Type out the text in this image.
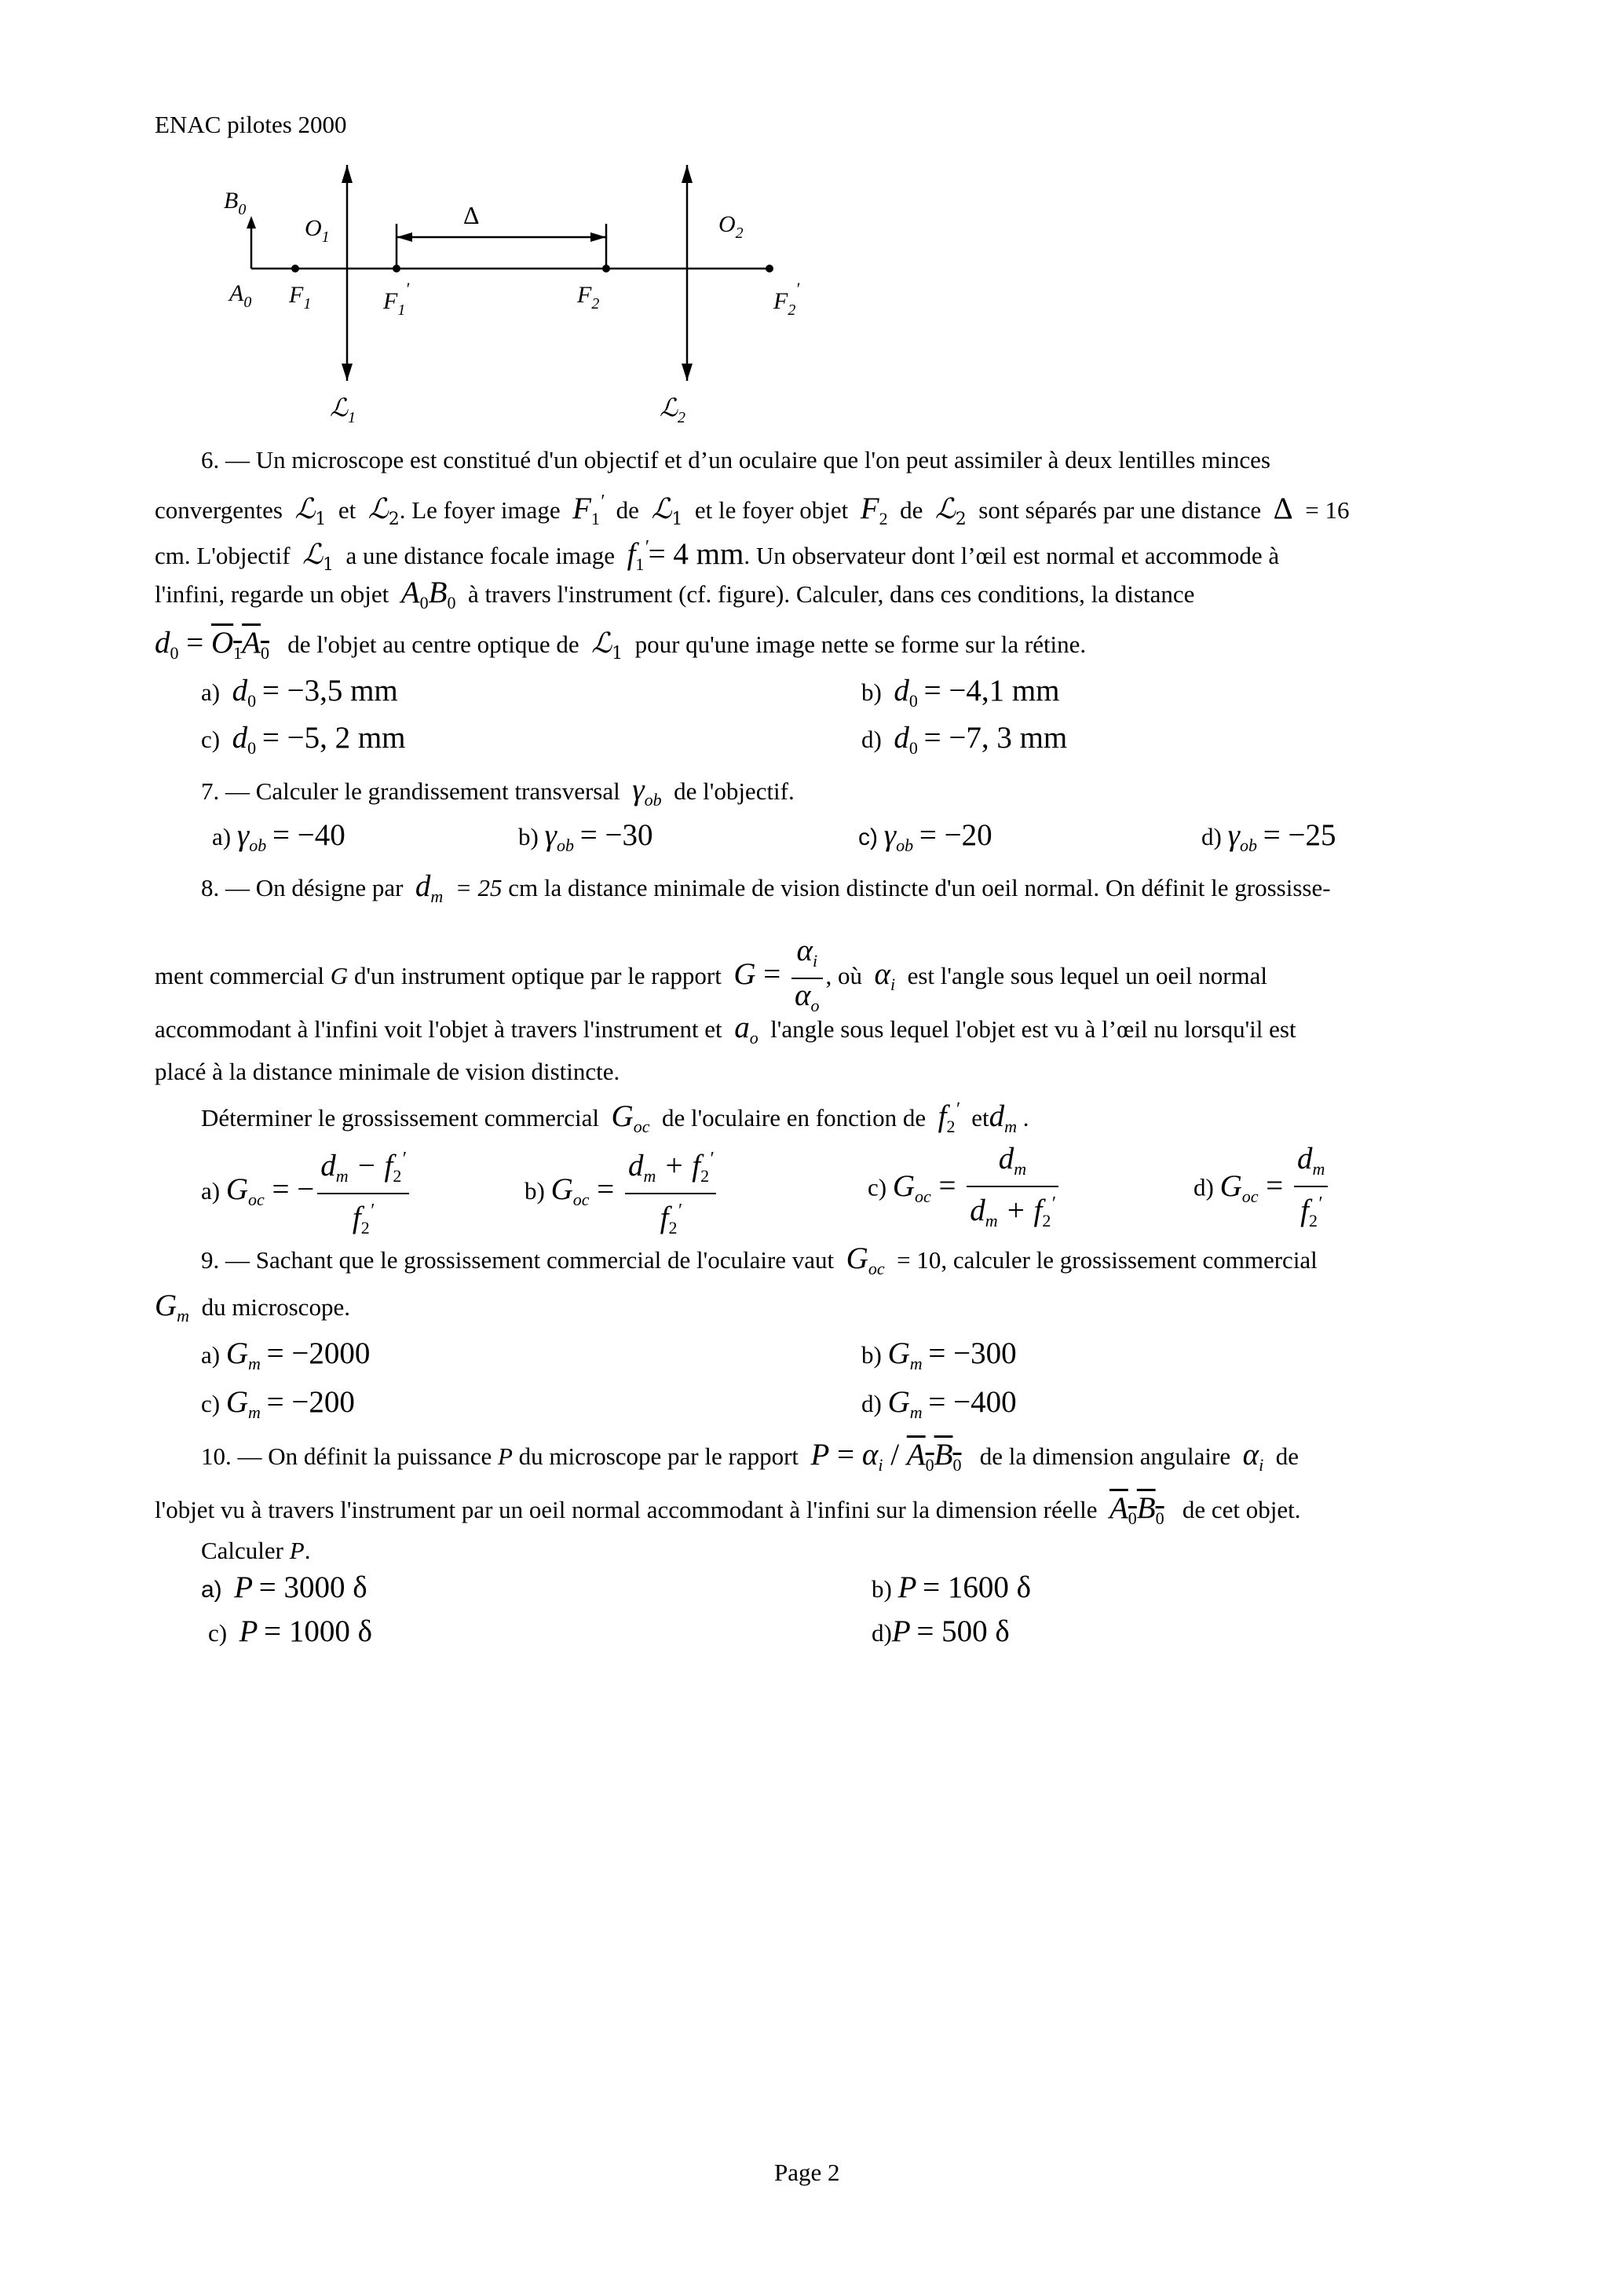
ENAC pilotes 2000
$B_0$
$A_0$
$O_1$	$O_2$
$F_1$	$F_1'$	$F_2$	$F_2'$
Δ
ℒ$_1$	ℒ$_2$
6. — Un microscope est constitué d'un objectif et d’un oculaire que l'on peut assimiler à deux lentilles minces
convergentes ℒ$_1$ et ℒ$_2$. Le foyer image $F_1'$ de ℒ$_1$ et le foyer objet $F_2$ de ℒ$_2$ sont séparés par une distance Δ = 16
cm. L'objectif ℒ$_1$ a une distance focale image $f_1'= 4$ mm. Un observateur dont l’œil est normal et accommode à
l'infini, regarde un objet $A_0B_0$ à travers l'instrument (cf. figure). Calculer, dans ces conditions, la distance
$d_0 = O_1A_0$ de l'objet au centre optique de ℒ$_1$ pour qu'une image nette se forme sur la rétine.
a) $d_0 = -3,5$ mm	b) $d_0 = -4,1$ mm
c) $d_0 = -5$, 2 mm	d) $d_0 = -7$, 3 mm
7. — Calculer le grandissement transversal $\gamma_{ob}$ de l'objectif.
a) $\gamma_{ob} = -40$	b) $\gamma_{ob} = -30$	c) $\gamma_{ob} = -20$	d) $\gamma_{ob} = -25$
8. — On désigne par $d_m = 25$ cm la distance minimale de vision distincte d'un oeil normal. On définit le grossisse-
ment commercial G d'un instrument optique par le rapport $G = \frac{\alpha_i}{\alpha_o}$ , où $\alpha_i$ est l'angle sous lequel un oeil normal
accommodant à l'infini voit l'objet à travers l'instrument et $a_o$ l'angle sous lequel l'objet est vu à l’œil nu lorsqu'il est
placé à la distance minimale de vision distincte.
Déterminer le grossissement commercial $G_{oc}$ de l'oculaire en fonction de $f_2'$ etd$_m$ .
a) $G_{oc}$ = − $\frac{d_m - f_2'}{f_2'}$	b) $G_{oc} = \frac{d_m + f_2'}{f_2'}$	c) $G_{oc} = \frac{d_m}{d_m + f_2'}$	d) $G_{oc} = \frac{d_m}{f_2'}$
9. — Sachant que le grossissement commercial de l'oculaire vaut $G_{oc} = 10$, calculer le grossissement commercial
$G_m$ du microscope.
a) $G_m = -2000$	b) $G_m = -300$
c) $G_m = -200$	d) $G_m = -400$
10. — On définit la puissance P du microscope par le rapport $P = \alpha_i / A_0B_0$ de la dimension angulaire $\alpha_i$ de
l'objet vu à travers l'instrument par un oeil normal accommodant à l'infini sur la dimension réelle $A_0B_0$ de cet objet.
Calculer P.
a) P = 3000 δ	b) P = 1600 δ
c) P = 1000 δ	d)P = 500 δ
Page 2
